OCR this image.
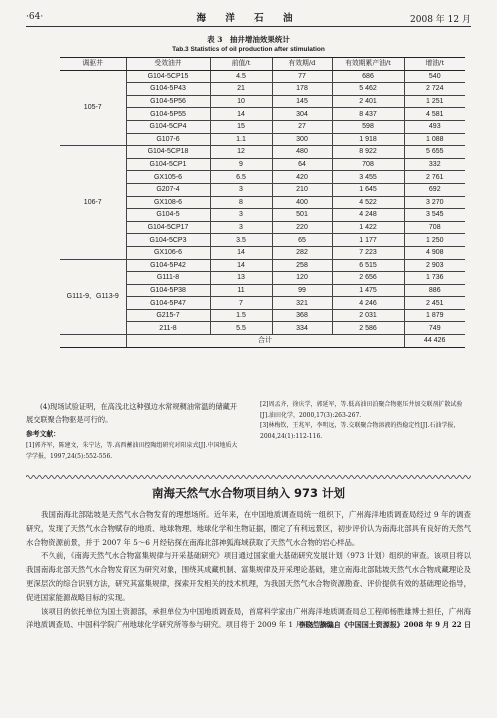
·64·	海 洋 石 油	2008 年 12 月
表 3　抽井增油效果统计
Tab.3 Statistics of oil production after stimulation
调驱井	受效油井	前值/t	有效期/d	有效期累产油/t	增油/t
105-7	G104-5CP15	4.5	77	686	540
	G104-5P43	21	178	5 462	2 724
	G104-5P56	10	145	2 401	1 251
	G104-5P55	14	304	8 437	4 581
	G104-5CP4	15	27	598	493
	G107-6	1.1	300	1 918	1 088
106-7	G104-5CP18	12	480	8 922	5 655
	G104-5CP1	9	64	708	332
	GX105-6	6.5	420	3 455	2 761
	G207-4	3	210	1 645	692
	GX108-6	8	400	4 522	3 270
	G104-5	3	501	4 248	3 545
	G104-5CP17	3	220	1 422	708
	G104-5CP3	3.5	65	1 177	1 250
	GX106-6	14	282	7 223	4 908
G111-9、G113-9	G104-5P42	14	258	6 515	2 903
	G111-8	13	120	2 656	1 736
	G104-5P38	11	99	1 475	886
	G104-5P47	7	321	4 246	2 451
	G215-7	1.5	368	2 031	1 879
	211-8	5.5	334	2 586	749
	合计				44 426

(4)现场试验证明，在高浅北这种强边水常规稠油常温的储藏开展交联聚合物驱是可行的。

参考文献：

[1]郭齐军，陈建文，朱宁达，等.高西蓄油田控陶组研究对阳泉式[J].中国地质大学学报，1997,24(5):552-556.

[2]周孟齐，徐庆学，郭延军，等.低高油田泊聚合物驱压井加交联剂扩散试验[J].油田化学，2000,17(3):263-267.
[3]林梅钦，王兆军，李明远，等.交联聚合物溶液的热稳定性[J].石油学报，2004,24(1):112-116.
南海天然气水合物项目纳入 973 计划

我国南海北部陆坡是天然气水合物发育的理想场所。近年来，在中国地质调查局统一组织下，广州海洋地质调查局经过 9 年的调查研究，发现了天然气水合物赋存的地质、地球物理、地球化学和生物证据，圈定了有利远景区，初步评价认为南海北部具有良好的天然气水合物资源前景，并于 2007 年 5～6 月经钻探在南海北部神狐海域获取了天然气水合物的岩心样品。

不久前，《南海天然气水合物富集规律与开采基础研究》项目通过国家重大基础研究发展计划（973 计划）组织的审查。该项目将以我国南海北部天然气水合物发育区为研究对象，围绕其成藏机制、富集规律及开采理论基础，建立南海北部陆坡天然气水合物成藏理论及更深层次的综合识别方法，研究其富集规律，探索开发相关的技术机理，为我国天然气水合物资源勘查、评价提供有效的基础理论指导，促进国家能源战略目标的实现。

该项目的依托单位为国土资源部，承担单位为中国地质调查局，首席科学家由广州海洋地质调查局总工程师杨胜雄博士担任，广州海洋地质调查局、中国科学院广州地球化学研究所等参与研究。项目将于 2009 年 1 月正式启动。

李晓兰摘编自《中国国土资源报》2008 年 9 月 22 日
